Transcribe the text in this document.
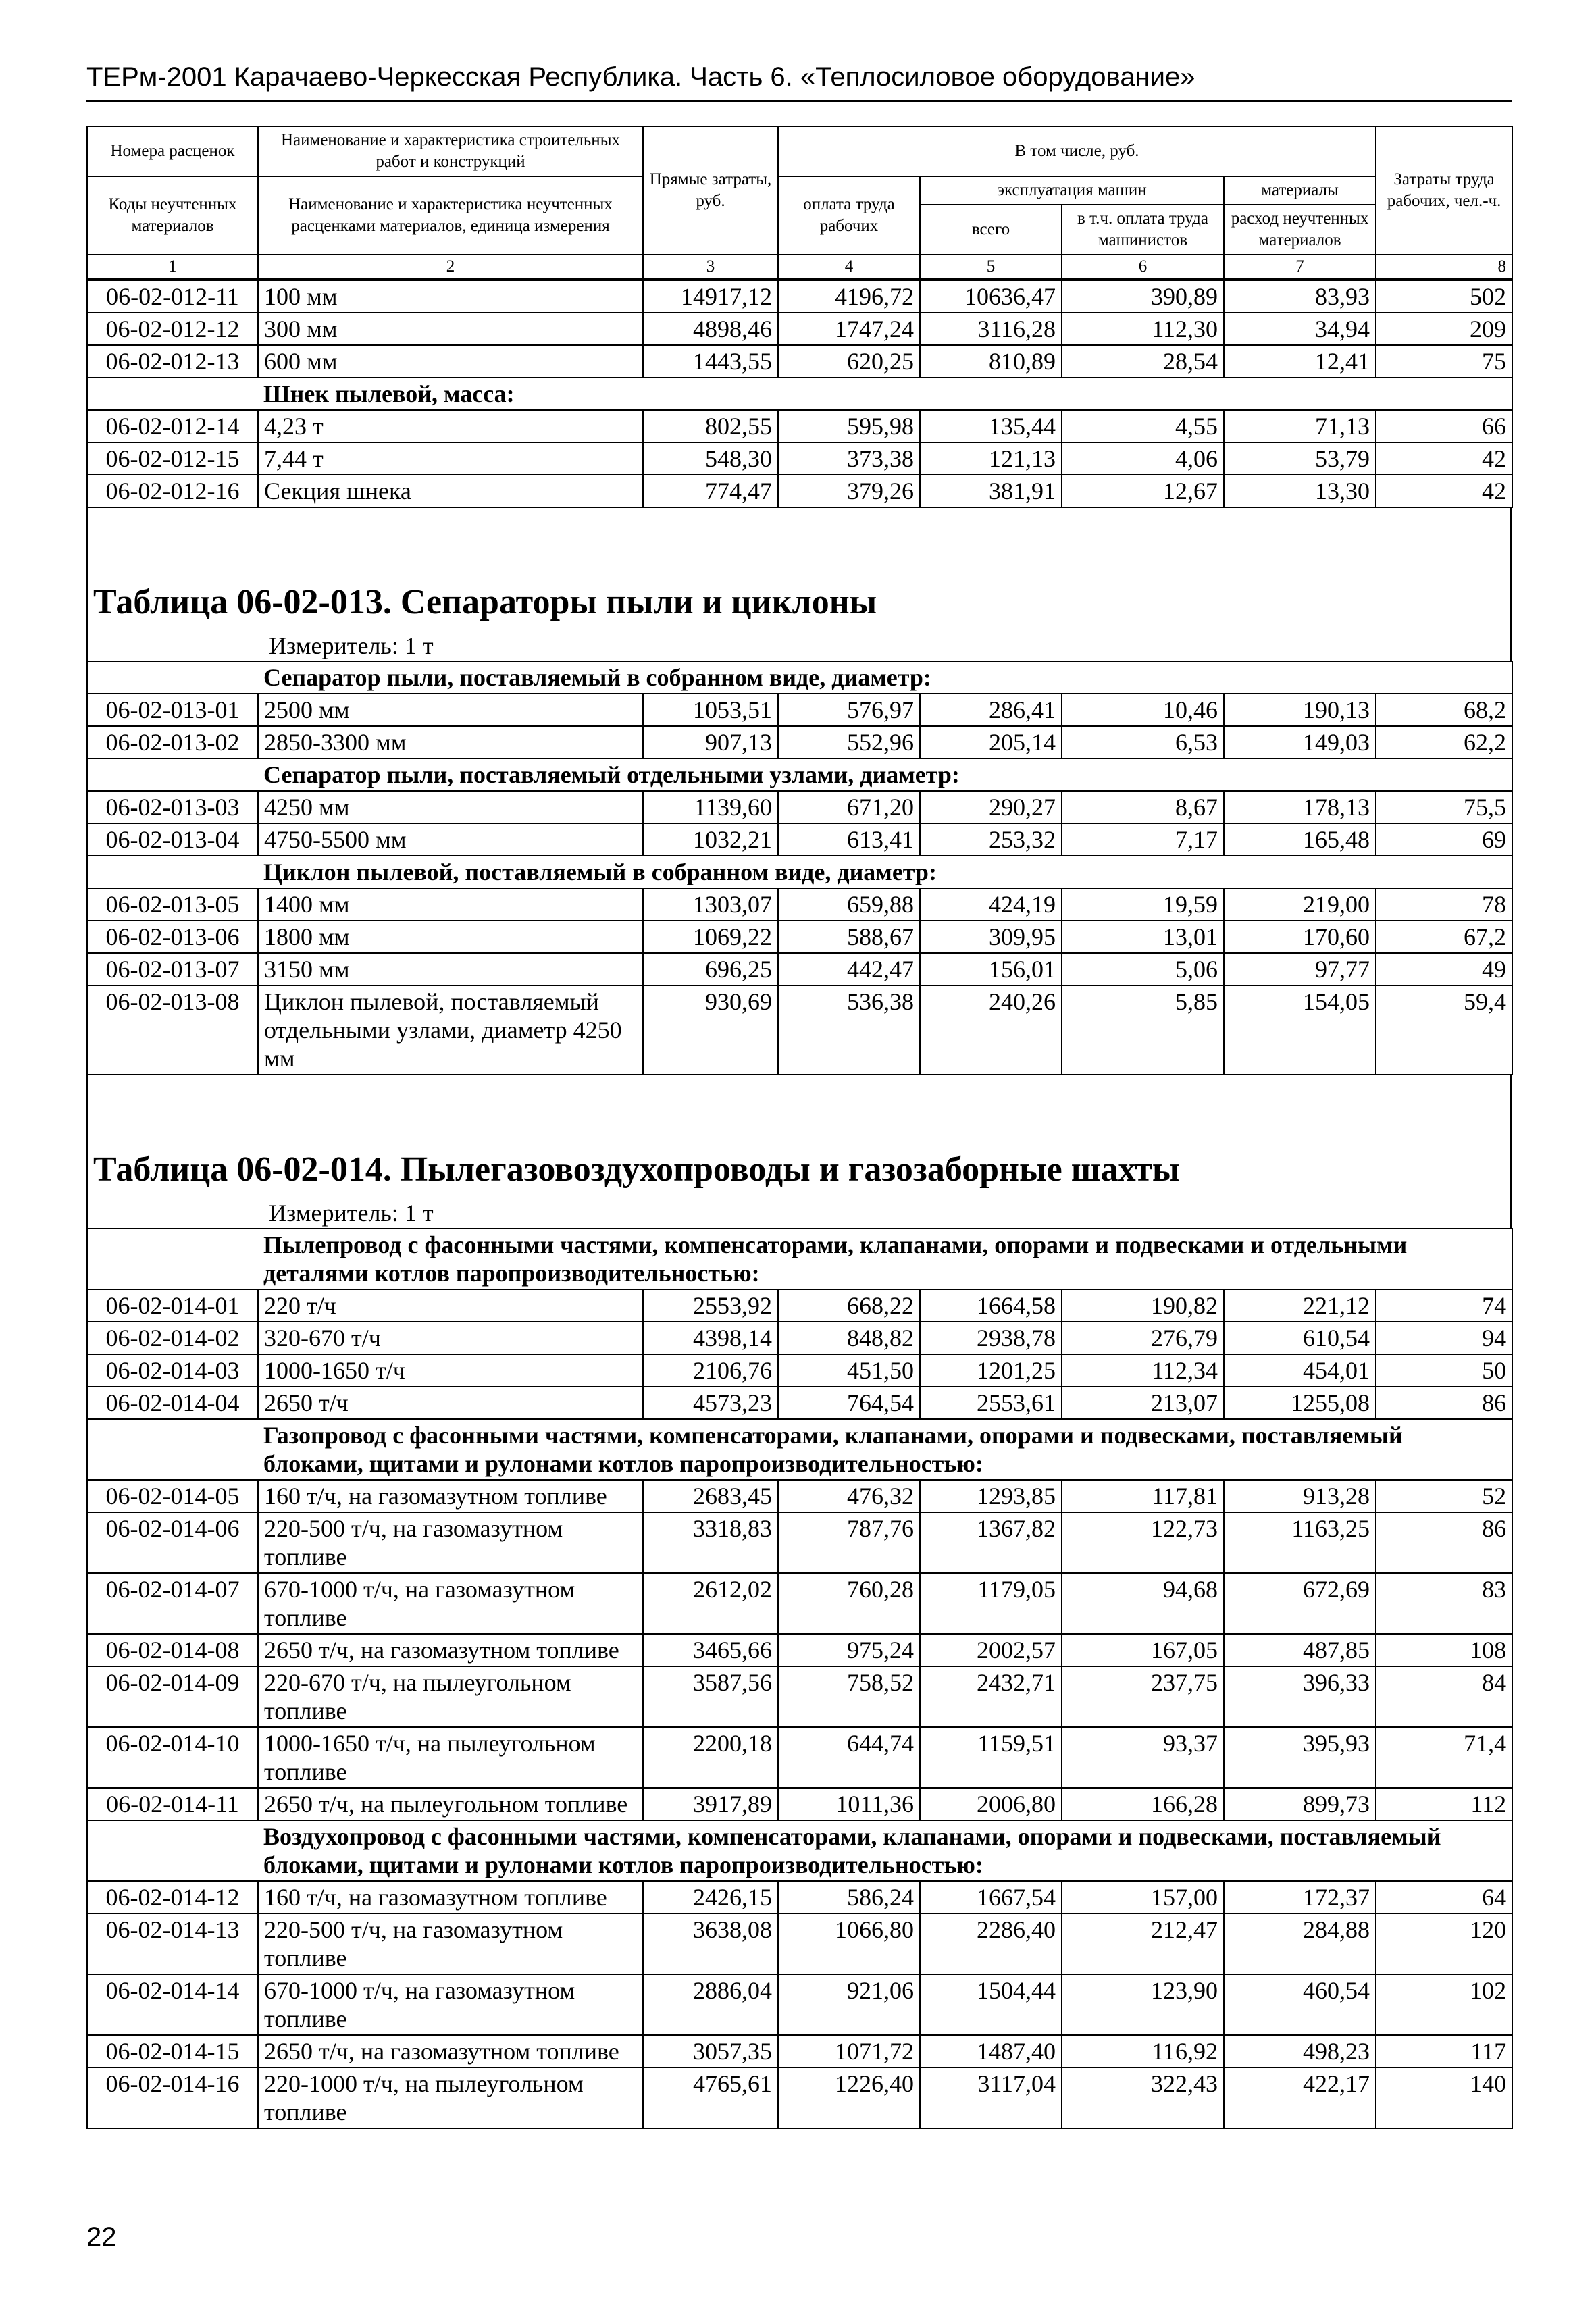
ТЕРм-2001 Карачаево-Черкесская Республика. Часть 6. «Теплосиловое оборудование»
Номера расценок	Наименование и характеристика строительных работ и конструкций	Прямые затраты, руб.	В том числе, руб.				Затраты труда рабочих, чел.-ч.
Коды неучтенных материалов	Наименование и характеристика неучтенных расценками материалов, единица измерения		оплата труда рабочих	эксплуатация машин		материалы	
				всего	в т.ч. оплата труда машинистов	расход неучтенных материалов	

1	2	3	4	5	6	7	8
06-02-012-11	100 мм	14917,12	4196,72	10636,47	390,89	83,93	502
06-02-012-12	300 мм	4898,46	1747,24	3116,28	112,30	34,94	209
06-02-012-13	600 мм	1443,55	620,25	810,89	28,54	12,41	75
	Шнек пылевой, масса:						
06-02-012-14	4,23 т	802,55	595,98	135,44	4,55	71,13	66
06-02-012-15	7,44 т	548,30	373,38	121,13	4,06	53,79	42
06-02-012-16	Секция шнека	774,47	379,26	381,91	12,67	13,30	42
Таблица 06-02-013. Сепараторы пыли и циклоны
Измеритель: 1 т
	Сепаратор пыли, поставляемый в собранном виде, диаметр:						
06-02-013-01	2500 мм	1053,51	576,97	286,41	10,46	190,13	68,2
06-02-013-02	2850-3300 мм	907,13	552,96	205,14	6,53	149,03	62,2
	Сепаратор пыли, поставляемый отдельными узлами, диаметр:						
06-02-013-03	4250 мм	1139,60	671,20	290,27	8,67	178,13	75,5
06-02-013-04	4750-5500 мм	1032,21	613,41	253,32	7,17	165,48	69
	Циклон пылевой, поставляемый в собранном виде, диаметр:						
06-02-013-05	1400 мм	1303,07	659,88	424,19	19,59	219,00	78
06-02-013-06	1800 мм	1069,22	588,67	309,95	13,01	170,60	67,2
06-02-013-07	3150 мм	696,25	442,47	156,01	5,06	97,77	49
06-02-013-08	Циклон пылевой, поставляемый отдельными узлами, диаметр 4250 мм	930,69	536,38	240,26	5,85	154,05	59,4
Таблица 06-02-014. Пылегазовоздухопроводы и газозаборные шахты
Измеритель: 1 т
	Пылепровод с фасонными частями, компенсаторами, клапанами, опорами и подвесками и отдельными деталями котлов паропроизводительностью:						
06-02-014-01	220 т/ч	2553,92	668,22	1664,58	190,82	221,12	74
06-02-014-02	320-670 т/ч	4398,14	848,82	2938,78	276,79	610,54	94
06-02-014-03	1000-1650 т/ч	2106,76	451,50	1201,25	112,34	454,01	50
06-02-014-04	2650 т/ч	4573,23	764,54	2553,61	213,07	1255,08	86
	Газопровод с фасонными частями, компенсаторами, клапанами, опорами и подвесками, поставляемый блоками, щитами и рулонами котлов паропроизводительностью:						
06-02-014-05	160 т/ч, на газомазутном топливе	2683,45	476,32	1293,85	117,81	913,28	52
06-02-014-06	220-500 т/ч, на газомазутном топливе	3318,83	787,76	1367,82	122,73	1163,25	86
06-02-014-07	670-1000 т/ч, на газомазутном топливе	2612,02	760,28	1179,05	94,68	672,69	83
06-02-014-08	2650 т/ч, на газомазутном топливе	3465,66	975,24	2002,57	167,05	487,85	108
06-02-014-09	220-670 т/ч, на пылеугольном топливе	3587,56	758,52	2432,71	237,75	396,33	84
06-02-014-10	1000-1650 т/ч, на пылеугольном топливе	2200,18	644,74	1159,51	93,37	395,93	71,4
06-02-014-11	2650 т/ч, на пылеугольном топливе	3917,89	1011,36	2006,80	166,28	899,73	112
	Воздухопровод с фасонными частями, компенсаторами, клапанами, опорами и подвесками, поставляемый блоками, щитами и рулонами котлов паропроизводительностью:						
06-02-014-12	160 т/ч, на газомазутном топливе	2426,15	586,24	1667,54	157,00	172,37	64
06-02-014-13	220-500 т/ч, на газомазутном топливе	3638,08	1066,80	2286,40	212,47	284,88	120
06-02-014-14	670-1000 т/ч, на газомазутном топливе	2886,04	921,06	1504,44	123,90	460,54	102
06-02-014-15	2650 т/ч, на газомазутном топливе	3057,35	1071,72	1487,40	116,92	498,23	117
06-02-014-16	220-1000 т/ч, на пылеугольном топливе	4765,61	1226,40	3117,04	322,43	422,17	140
22
